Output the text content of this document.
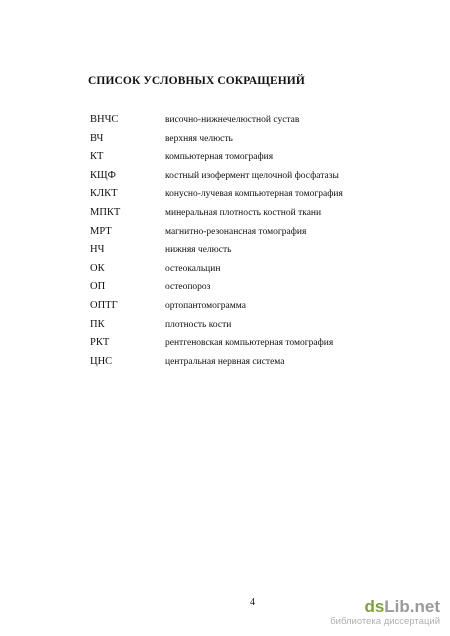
СПИСОК УСЛОВНЫХ СОКРАЩЕНИЙ
ВНЧС	височно-нижнечелюстной сустав
ВЧ	верхняя челюсть
КТ	компьютерная томография
КЩФ	костный изофермент щелочной фосфатазы
КЛКТ	конусно-лучевая компьютерная томография
МПКТ	минеральная плотность костной ткани
МРТ	магнитно-резонансная томография
НЧ	нижняя челюсть
ОК	остеокальцин
ОП	остеопороз
ОПТГ	ортопантомограмма
ПК	плотность кости
РКТ	рентгеновская компьютерная томография
ЦНС	центральная нервная система
4	dsLib.net
библиотека диссертаций
